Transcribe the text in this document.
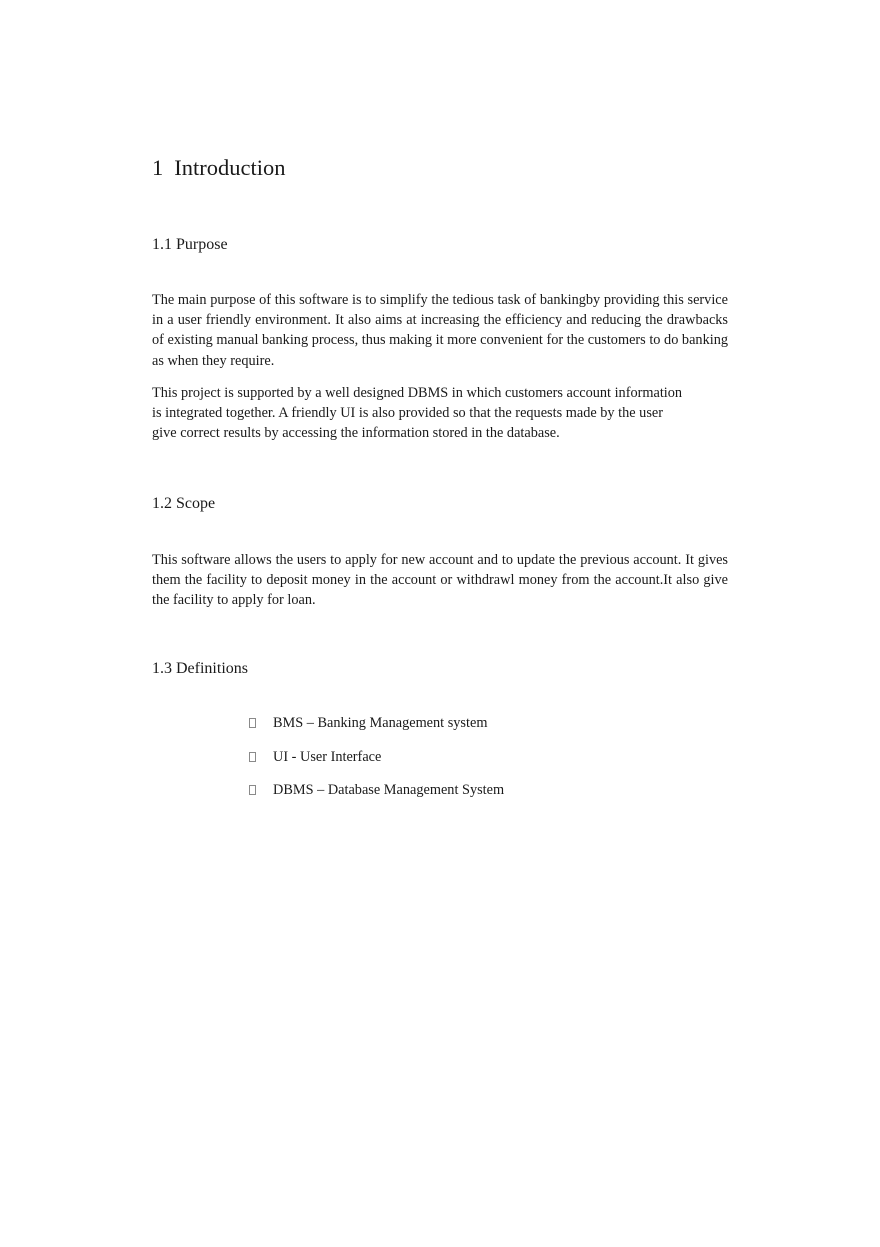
1 Introduction
1.1 Purpose

The main purpose of this software is to simplify the tedious task of bankingby providing this service in a user friendly environment. It also aims at increasing the efficiency and reducing the drawbacks of existing manual banking process, thus making it more convenient for the customers to do banking as when they require.

This project is supported by a well designed DBMS in which customers account information
is integrated together. A friendly UI is also provided so that the requests made by the user
give correct results by accessing the information stored in the database.

1.2 Scope

This software allows the users to apply for new account and to update the previous account. It gives them the facility to deposit money in the account or withdrawl money from the account.It also give the facility to apply for loan.

1.3 Definitions
BMS – Banking Management system
UI - User Interface
DBMS – Database Management System
